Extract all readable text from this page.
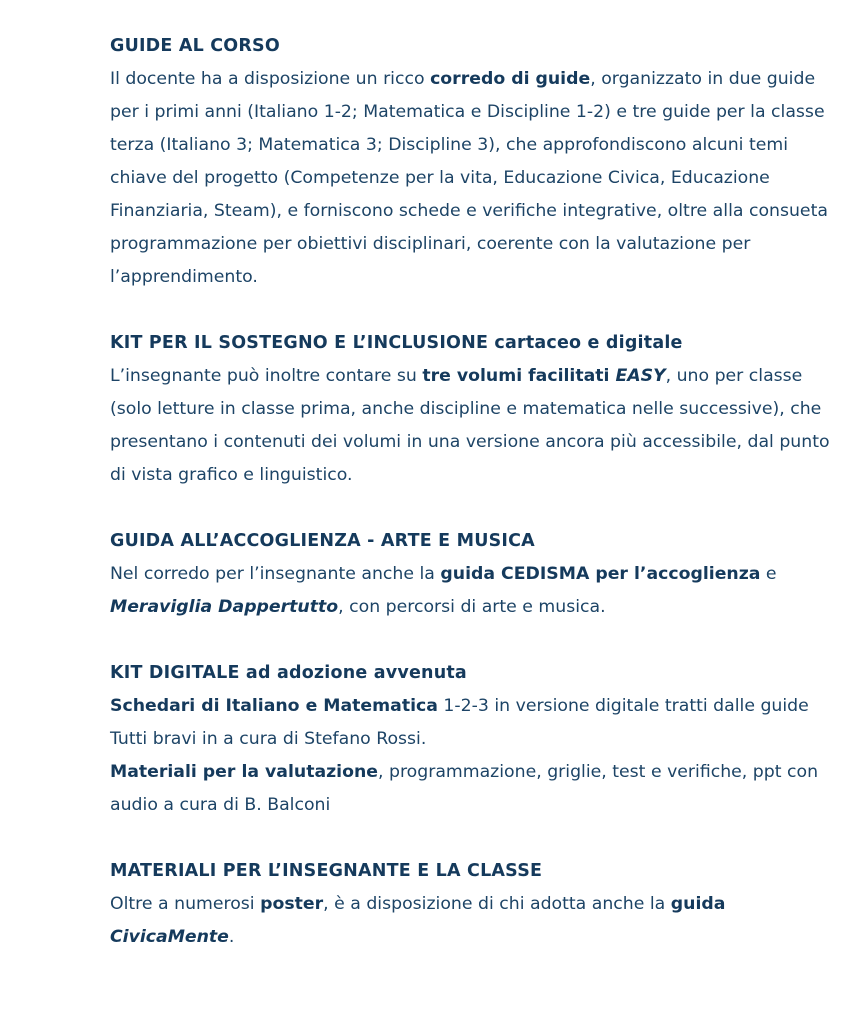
GUIDE AL CORSO

Il docente ha a disposizione un ricco corredo di guide, organizzato in due guide per i primi anni (Italiano 1-2; Matematica e Discipline 1-2) e tre guide per la classe terza (Italiano 3; Matematica 3; Discipline 3), che approfondiscono alcuni temi chiave del progetto (Competenze per la vita, Educazione Civica, Educazione Finanziaria, Steam), e forniscono schede e verifiche integrative, oltre alla consueta programmazione per obiettivi disciplinari, coerente con la valutazione per l’apprendimento.

KIT PER IL SOSTEGNO E L’INCLUSIONE cartaceo e digitale

L’insegnante può inoltre contare su tre volumi facilitati EASY, uno per classe (solo letture in classe prima, anche discipline e matematica nelle successive), che presentano i contenuti dei volumi in una versione ancora più accessibile, dal punto di vista grafico e linguistico.

GUIDA ALL’ACCOGLIENZA - ARTE E MUSICA

Nel corredo per l’insegnante anche la guida CEDISMA per l’accoglienza e Meraviglia Dappertutto, con percorsi di arte e musica.

KIT DIGITALE ad adozione avvenuta

Schedari di Italiano e Matematica 1-2-3 in versione digitale tratti dalle guide Tutti bravi in a cura di Stefano Rossi.

Materiali per la valutazione, programmazione, griglie, test e verifiche, ppt con audio a cura di B. Balconi

MATERIALI PER L’INSEGNANTE E LA CLASSE

Oltre a numerosi poster, è a disposizione di chi adotta anche la guida
CivicaMente.
